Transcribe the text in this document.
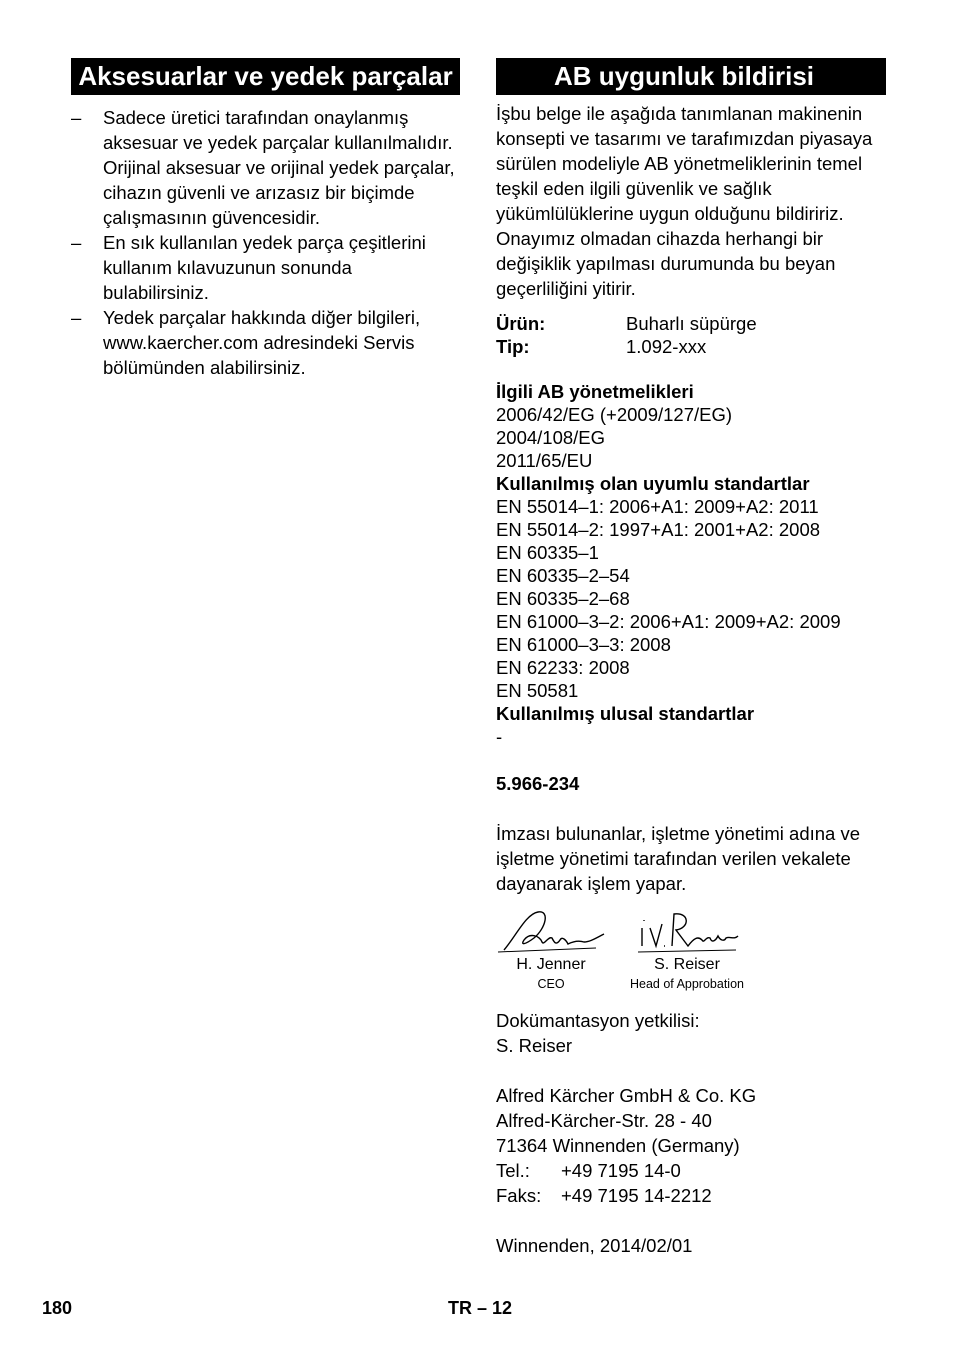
Aksesuarlar ve yedek parçalar
– Sadece üretici tarafından onaylanmış aksesuar ve yedek parçalar kullanılmalıdır. Orijinal aksesuar ve orijinal yedek parçalar, cihazın güvenli ve arızasız bir biçimde çalışmasının güvencesidir.
– En sık kullanılan yedek parça çeşitlerini kullanım kılavuzunun sonunda bulabilirsiniz.
– Yedek parçalar hakkında diğer bilgileri, www.kaercher.com adresindeki Servis bölümünden alabilirsiniz.
AB uygunluk bildirisi

İşbu belge ile aşağıda tanımlanan makinenin konsepti ve tasarımı ve tarafımızdan piyasaya sürülen modeliyle AB yönetmeliklerinin temel teşkil eden ilgili güvenlik ve sağlık yükümlülüklerine uygun olduğunu bildiririz. Onayımız olmadan cihazda herhangi bir değişiklik yapılması durumunda bu beyan geçerliliğini yitirir.

Ürün:	Buharlı süpürge
Tip:	1.092-xxx
İlgili AB yönetmelikleri
2006/42/EG (+2009/127/EG)
2004/108/EG
2011/65/EU
Kullanılmış olan uyumlu standartlar
EN 55014–1: 2006+A1: 2009+A2: 2011
EN 55014–2: 1997+A1: 2001+A2: 2008
EN 60335–1
EN 60335–2–54
EN 60335–2–68
EN 61000–3–2: 2006+A1: 2009+A2: 2009
EN 61000–3–3: 2008
EN 62233: 2008
EN 50581
Kullanılmış ulusal standartlar
-
5.966-234

İmzası bulunanlar, işletme yönetimi adına ve işletme yönetimi tarafından verilen vekalete dayanarak işlem yapar.

H. Jenner
CEO
S. Reiser
Head of Approbation
Dokümantasyon yetkilisi:
S. Reiser
Alfred Kärcher GmbH & Co. KG
Alfred-Kärcher-Str. 28 - 40
71364 Winnenden (Germany)
Tel.:	+49 7195 14-0
Faks:	+49 7195 14-2212
Winnenden, 2014/02/01
180	TR – 12
